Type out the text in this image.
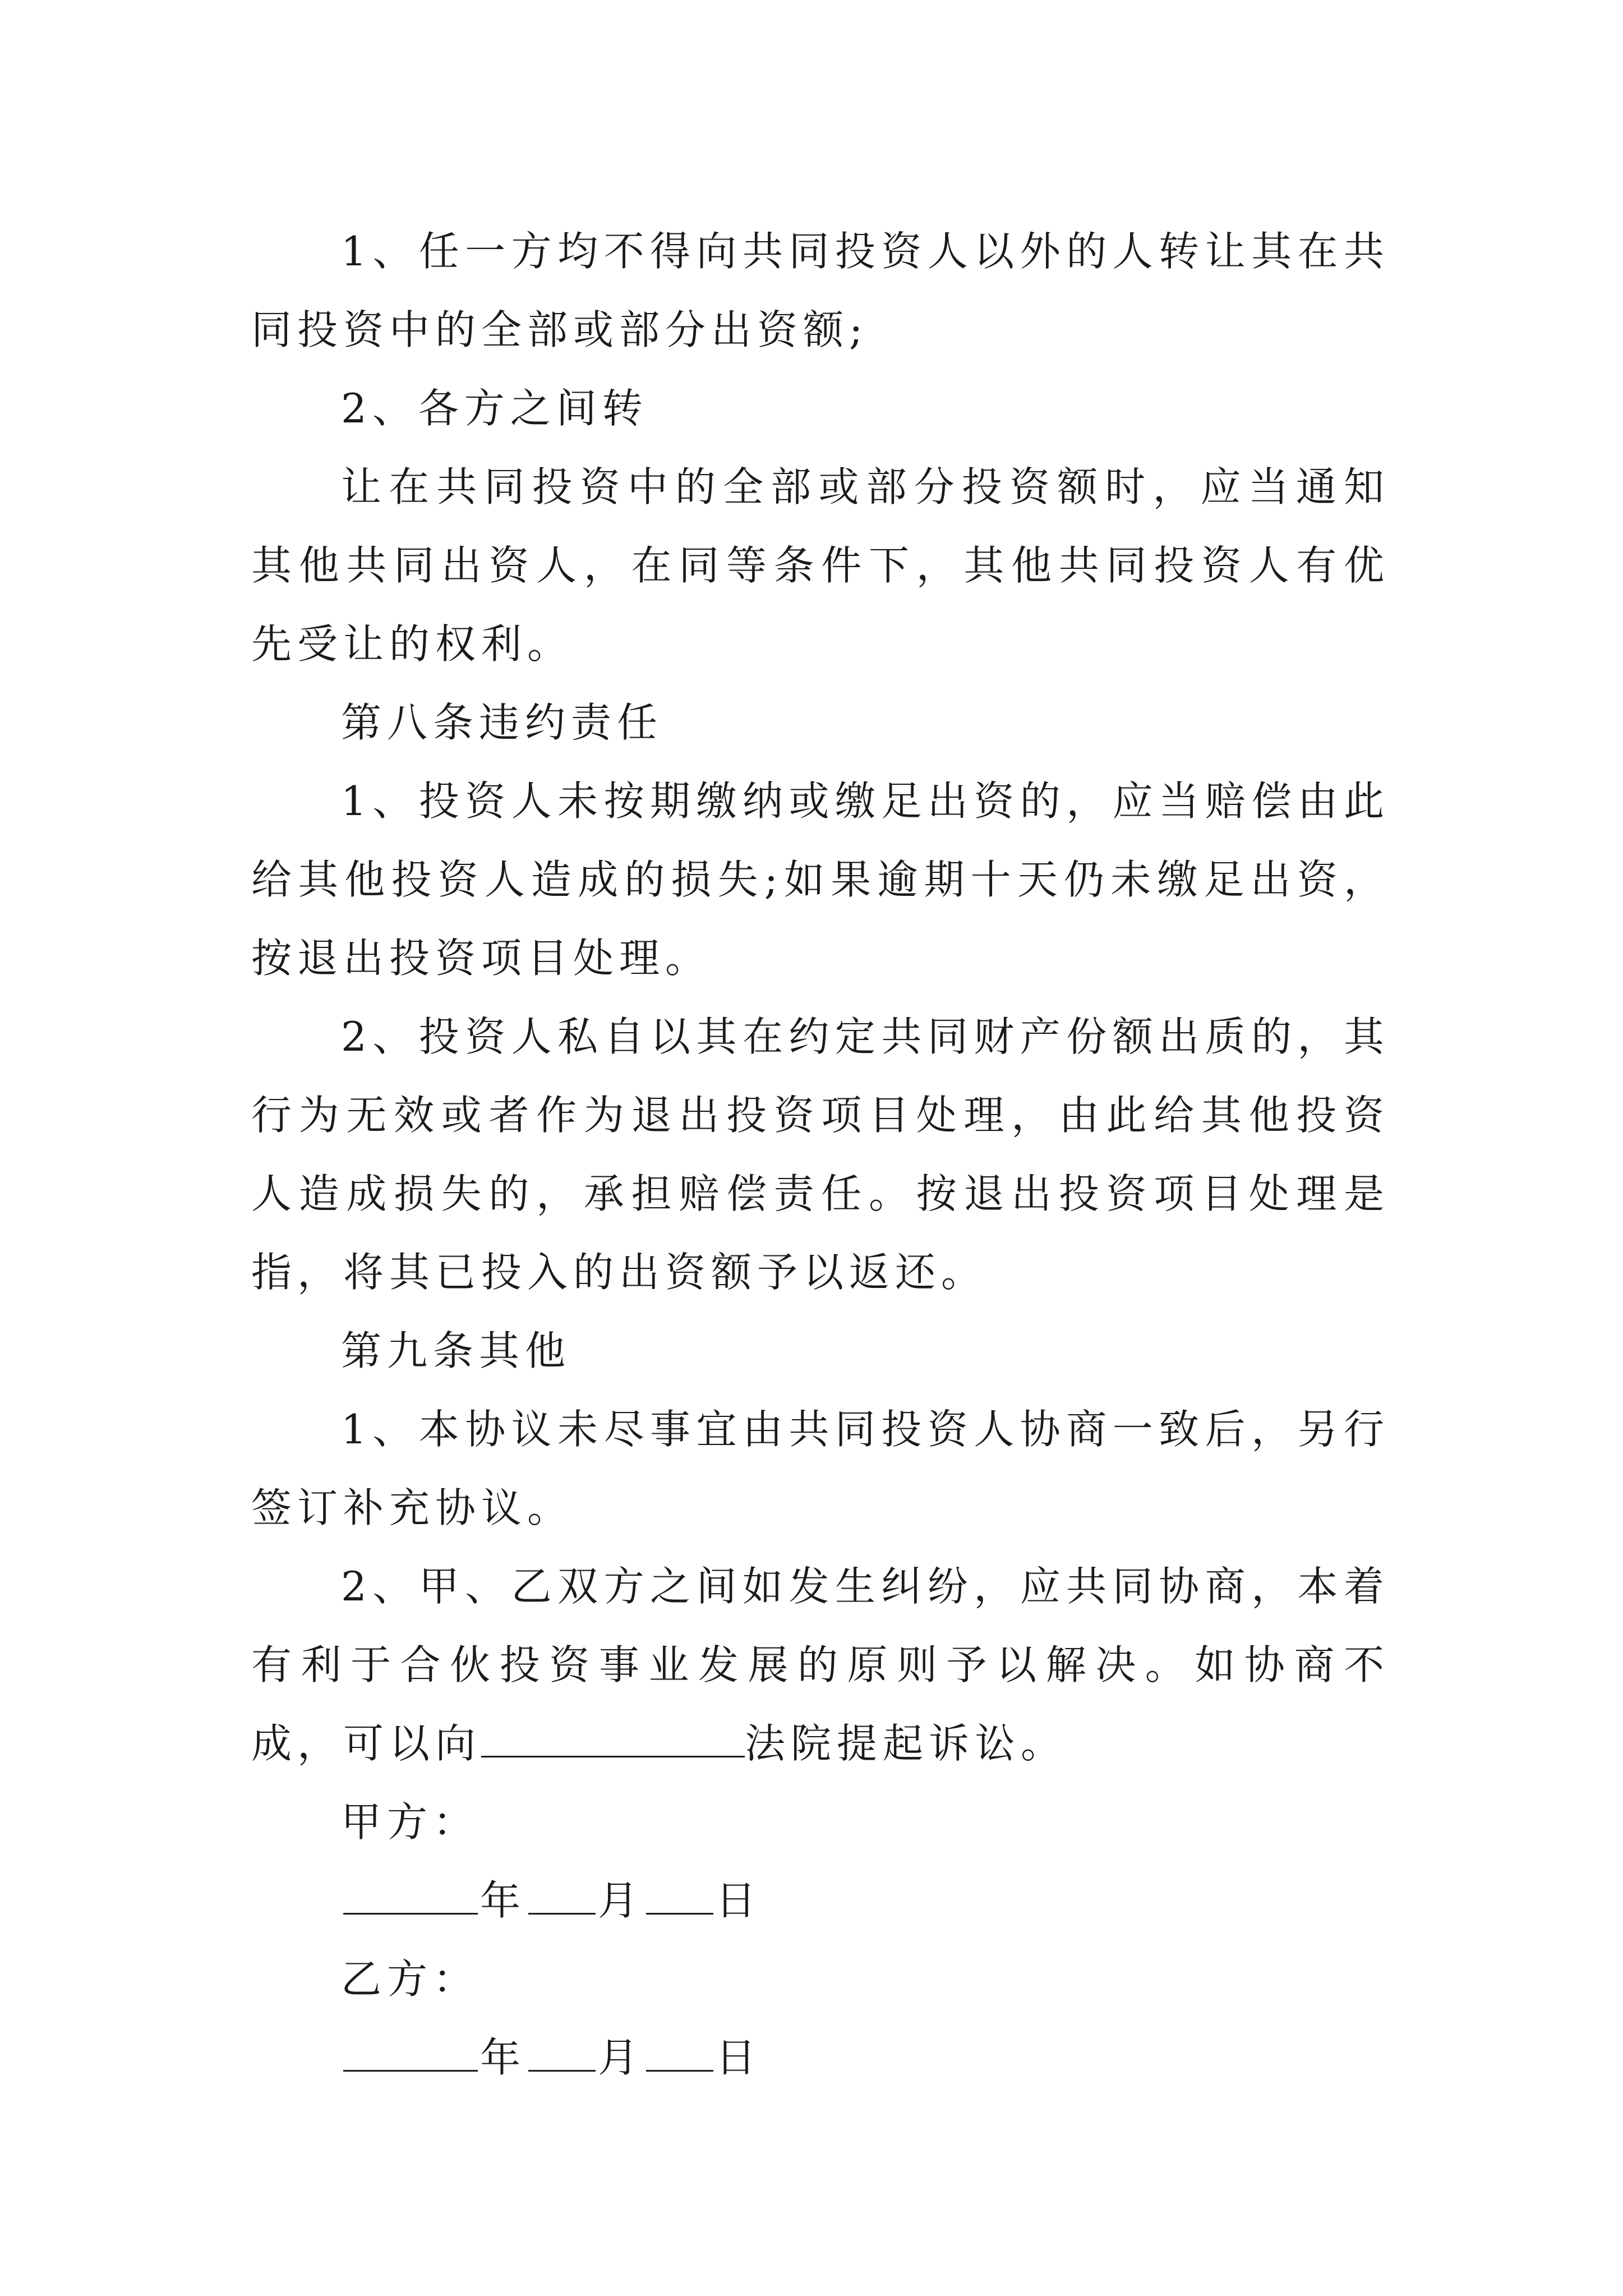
1、任一方均不得向共同投资人以外的人转让其在共同投资中的全部或部分出资额;

2、各方之间转

让在共同投资中的全部或部分投资额时，应当通知其他共同出资人，在同等条件下，其他共同投资人有优先受让的权利。

第八条违约责任

1、投资人未按期缴纳或缴足出资的，应当赔偿由此给其他投资人造成的损失;如果逾期十天仍未缴足出资，按退出投资项目处理。

2、投资人私自以其在约定共同财产份额出质的，其行为无效或者作为退出投资项目处理，由此给其他投资人造成损失的，承担赔偿责任。按退出投资项目处理是指，将其已投入的出资额予以返还。

第九条其他

1、本协议未尽事宜由共同投资人协商一致后，另行签订补充协议。

2、甲、乙双方之间如发生纠纷，应共同协商，本着有利于合伙投资事业发展的原则予以解决。如协商不成，可以向	法院提起诉讼。

甲方：

年 月 日

乙方：

年 月 日
